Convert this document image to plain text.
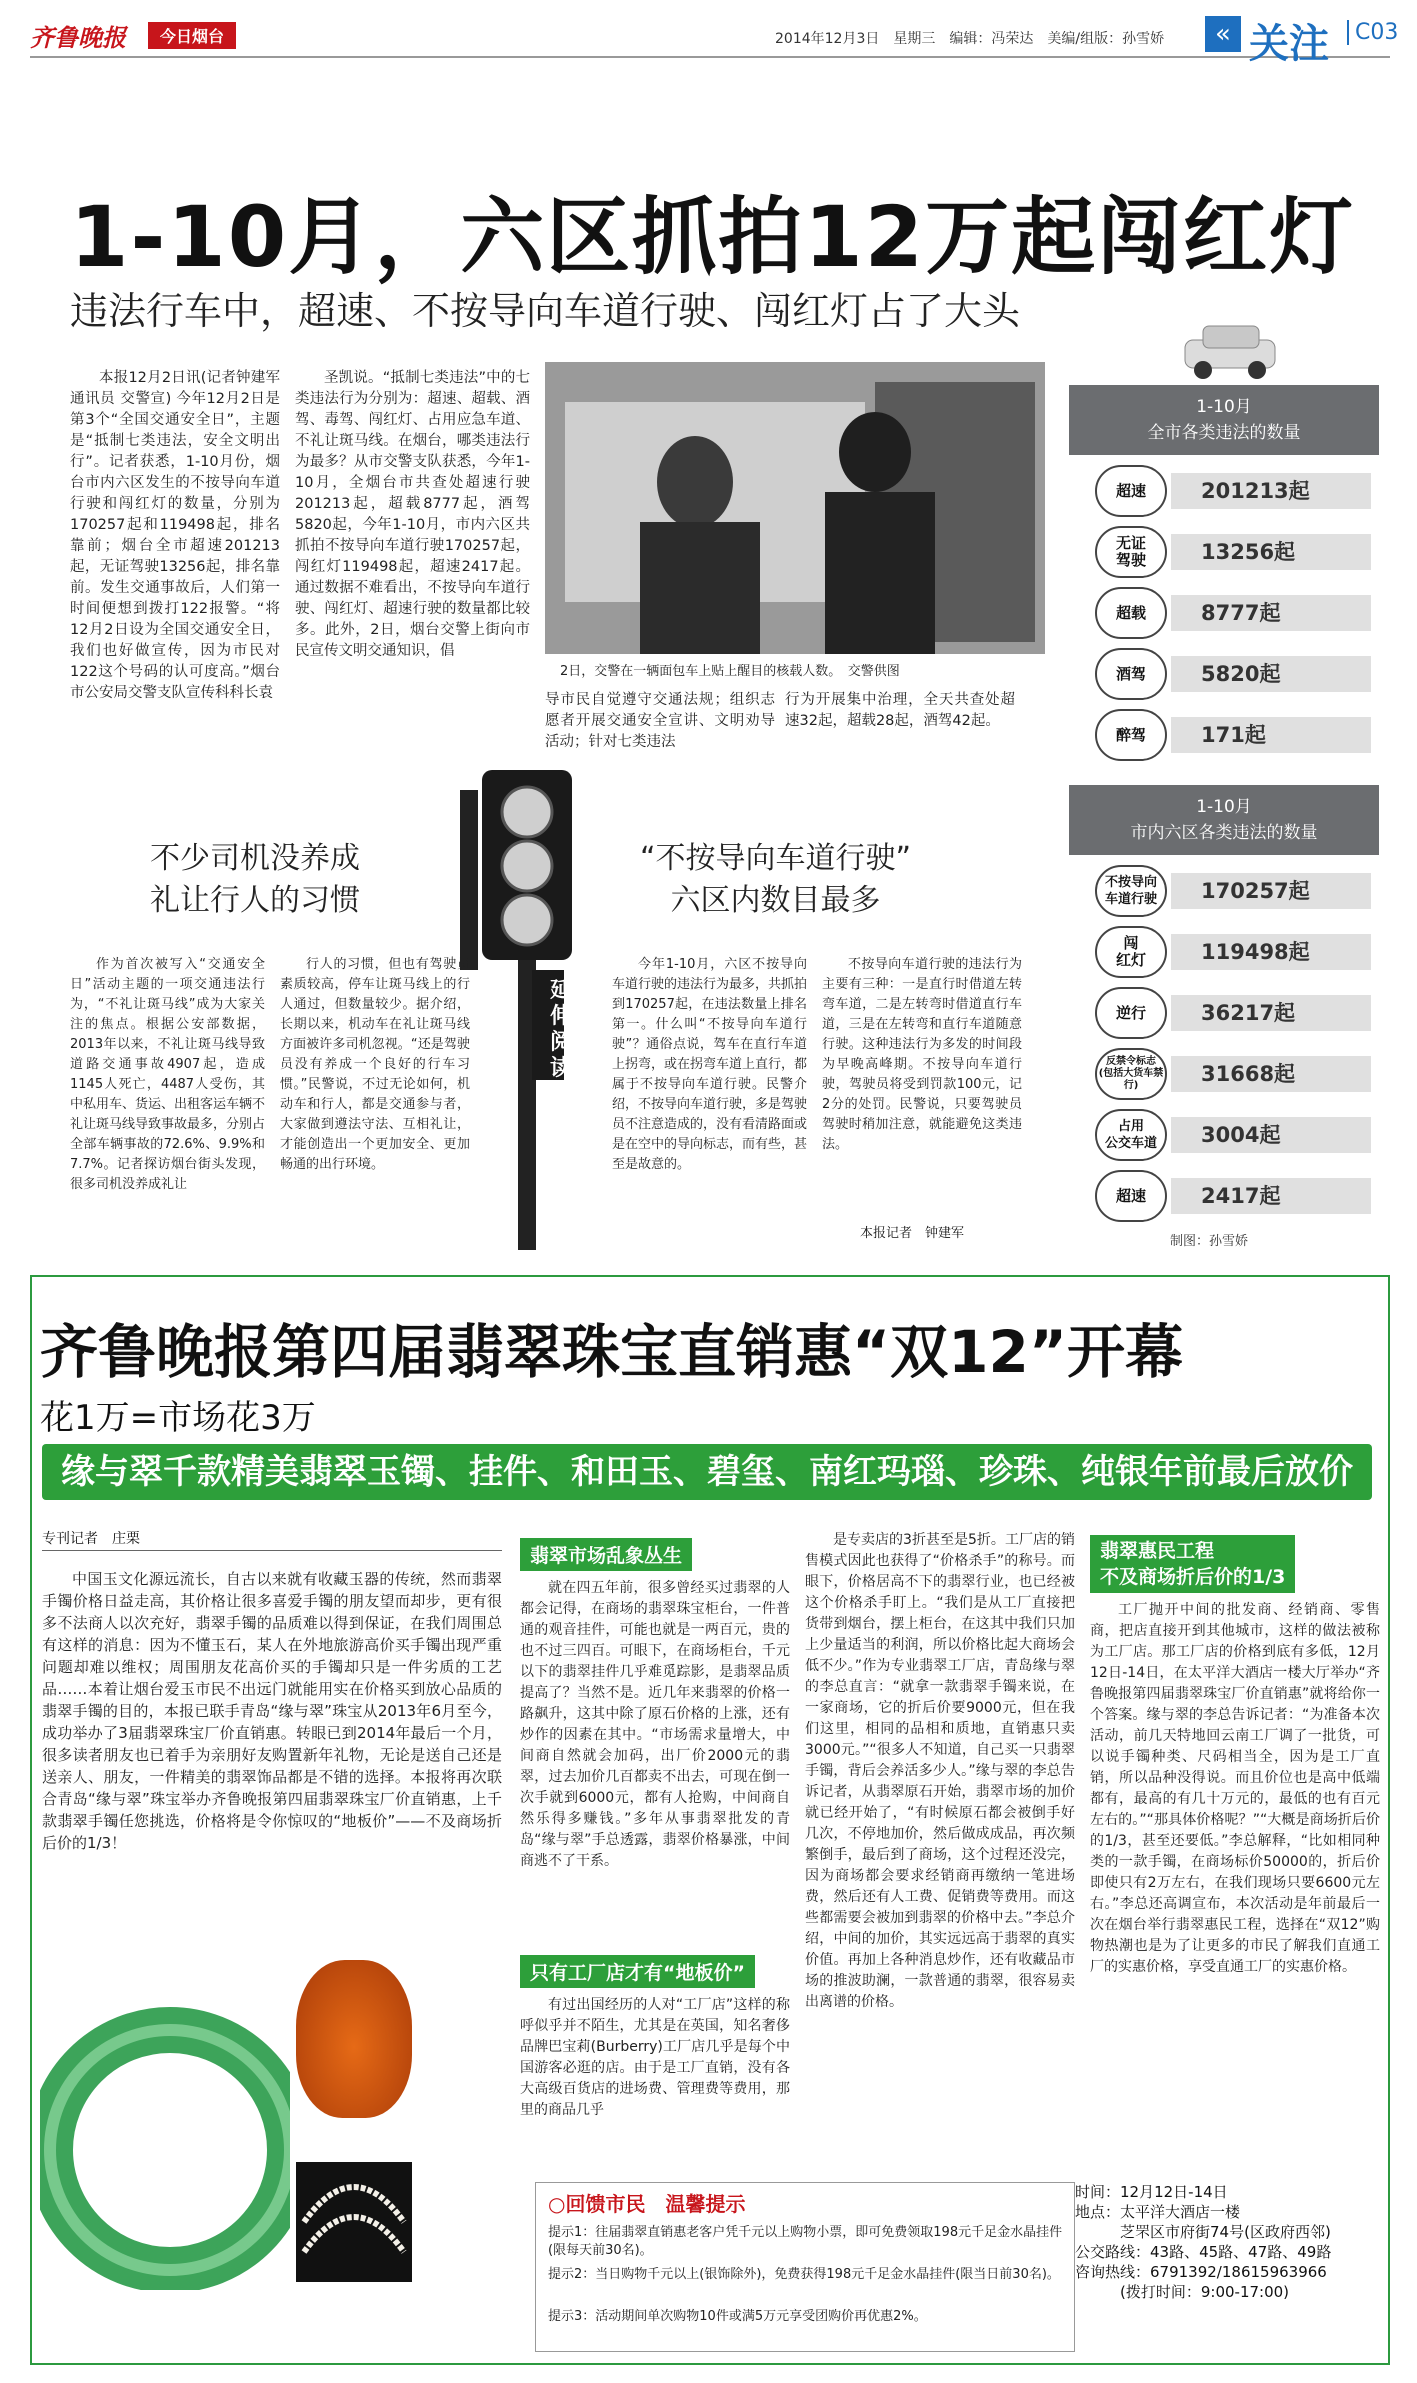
齐鲁晚报	今日烟台	2014年12月3日　星期三　编辑：冯荣达　美编/组版：孙雪娇	« 关注	C03
1-10月，六区抓拍12万起闯红灯
违法行车中，超速、不按导向车道行驶、闯红灯占了大头
本报12月2日讯(记者钟建军 通讯员 交警宣) 今年12月2日是第3个“全国交通安全日”，主题是“抵制七类违法，安全文明出行”。记者获悉，1-10月份，烟台市内六区发生的不按导向车道行驶和闯红灯的数量，分别为170257起和119498起，排名靠前；烟台全市超速201213起，无证驾驶13256起，排名靠前。发生交通事故后，人们第一时间便想到拨打122报警。“将12月2日设为全国交通安全日，我们也好做宣传，因为市民对122这个号码的认可度高。”烟台市公安局交警支队宣传科科长袁
圣凯说。“抵制七类违法”中的七类违法行为分别为：超速、超载、酒驾、毒驾、闯红灯、占用应急车道、不礼让斑马线。在烟台，哪类违法行为最多？从市交警支队获悉，今年1-10月，全烟台市共查处超速行驶201213起，超载8777起，酒驾5820起，今年1-10月，市内六区共抓拍不按导向车道行驶170257起，闯红灯119498起，超速2417起。通过数据不难看出，不按导向车道行驶、闯红灯、超速行驶的数量都比较多。此外，2日，烟台交警上街向市民宣传文明交通知识，倡
2日，交警在一辆面包车上贴上醒目的核载人数。　交警供图
导市民自觉遵守交通法规；组织志愿者开展交通安全宣讲、文明劝导活动；针对七类违法
行为开展集中治理，全天共查处超速32起，超载28起，酒驾42起。
延伸阅读
不少司机没养成
礼让行人的习惯
“不按导向车道行驶”
六区内数目最多
作为首次被写入“交通安全日”活动主题的一项交通违法行为，“不礼让斑马线”成为大家关注的焦点。根据公安部数据，2013年以来，不礼让斑马线导致道路交通事故4907起，造成1145人死亡，4487人受伤，其中私用车、货运、出租客运车辆不礼让斑马线导致事故最多，分别占全部车辆事故的72.6%、9.9%和7.7%。记者探访烟台街头发现，很多司机没养成礼让
行人的习惯，但也有驾驶员素质较高，停车让斑马线上的行人通过，但数量较少。据介绍，长期以来，机动车在礼让斑马线方面被许多司机忽视。“还是驾驶员没有养成一个良好的行车习惯。”民警说，不过无论如何，机动车和行人，都是交通参与者，大家做到遵法守法、互相礼让，才能创造出一个更加安全、更加畅通的出行环境。
今年1-10月，六区不按导向车道行驶的违法行为最多，共抓拍到170257起，在违法数量上排名第一。什么叫“不按导向车道行驶”？通俗点说，驾车在直行车道上拐弯，或在拐弯车道上直行，都属于不按导向车道行驶。民警介绍，不按导向车道行驶，多是驾驶员不注意造成的，没有看清路面或是在空中的导向标志，而有些，甚至是故意的。
不按导向车道行驶的违法行为主要有三种：一是直行时借道左转弯车道，二是左转弯时借道直行车道，三是在左转弯和直行车道随意行驶。这种违法行为多发的时间段为早晚高峰期。不按导向车道行驶，驾驶员将受到罚款100元，记2分的处罚。民警说，只要驾驶员驾驶时稍加注意，就能避免这类违法。
本报记者　钟建军
1-10月
全市各类违法的数量
超速	201213起
无证
驾驶	13256起
超载	8777起
酒驾	5820起
醉驾	171起
1-10月
市内六区各类违法的数量
不按导向
车道行驶	170257起
闯
红灯	119498起
逆行	36217起
反禁令标志
(包括大货车禁行)	31668起
占用
公交车道	3004起
超速	2417起
制图：孙雪娇
齐鲁晚报第四届翡翠珠宝直销惠“双12”开幕
花1万=市场花3万
缘与翠千款精美翡翠玉镯、挂件、和田玉、碧玺、南红玛瑙、珍珠、纯银年前最后放价
专刊记者　庄栗
中国玉文化源远流长，自古以来就有收藏玉器的传统，然而翡翠手镯价格日益走高，其价格让很多喜爱手镯的朋友望而却步，更有很多不法商人以次充好，翡翠手镯的品质难以得到保证，在我们周围总有这样的消息：因为不懂玉石，某人在外地旅游高价买手镯出现严重问题却难以维权；周围朋友花高价买的手镯却只是一件劣质的工艺品……本着让烟台爱玉市民不出远门就能用实在价格买到放心品质的翡翠手镯的目的，本报已联手青岛“缘与翠”珠宝从2013年6月至今，成功举办了3届翡翠珠宝厂价直销惠。转眼已到2014年最后一个月，很多读者朋友也已着手为亲朋好友购置新年礼物，无论是送自己还是送亲人、朋友，一件精美的翡翠饰品都是不错的选择。本报将再次联合青岛“缘与翠”珠宝举办齐鲁晚报第四届翡翠珠宝厂价直销惠，上千款翡翠手镯任您挑选，价格将是令你惊叹的“地板价”——不及商场折后价的1/3！
翡翠市场乱象丛生
就在四五年前，很多曾经买过翡翠的人都会记得，在商场的翡翠珠宝柜台，一件普通的观音挂件，可能也就是一两百元，贵的也不过三四百。可眼下，在商场柜台，千元以下的翡翠挂件几乎难觅踪影，是翡翠品质提高了？当然不是。近几年来翡翠的价格一路飙升，这其中除了原石价格的上涨，还有炒作的因素在其中。“市场需求量增大，中间商自然就会加码，出厂价2000元的翡翠，过去加价几百都卖不出去，可现在倒一次手就到6000元，都有人抢购，中间商自然乐得多赚钱。”多年从事翡翠批发的青岛“缘与翠”手总透露，翡翠价格暴涨，中间商逃不了干系。
只有工厂店才有“地板价”
有过出国经历的人对“工厂店”这样的称呼似乎并不陌生，尤其是在英国，知名奢侈品牌巴宝莉(Burberry)工厂店几乎是每个中国游客必逛的店。由于是工厂直销，没有各大高级百货店的进场费、管理费等费用，那里的商品几乎
是专卖店的3折甚至是5折。工厂店的销售模式因此也获得了“价格杀手”的称号。而眼下，价格居高不下的翡翠行业，也已经被这个价格杀手盯上。“我们是从工厂直接把货带到烟台，摆上柜台，在这其中我们只加上少量适当的利润，所以价格比起大商场会低不少。”作为专业翡翠工厂店，青岛缘与翠的李总直言：“就拿一款翡翠手镯来说，在一家商场，它的折后价要9000元，但在我们这里，相同的品相和质地，直销惠只卖3000元。”“很多人不知道，自己买一只翡翠手镯，背后会养活多少人。”缘与翠的李总告诉记者，从翡翠原石开始，翡翠市场的加价就已经开始了，“有时候原石都会被倒手好几次，不停地加价，然后做成成品，再次频繁倒手，最后到了商场，这个过程还没完，因为商场都会要求经销商再缴纳一笔进场费，然后还有人工费、促销费等费用。而这些都需要会被加到翡翠的价格中去。”李总介绍，中间的加价，其实远远高于翡翠的真实价值。再加上各种消息炒作，还有收藏品市场的推波助澜，一款普通的翡翠，很容易卖出离谱的价格。
翡翠惠民工程
不及商场折后价的1/3
工厂抛开中间的批发商、经销商、零售商，把店直接开到其他城市，这样的做法被称为工厂店。那工厂店的价格到底有多低，12月12日-14日，在太平洋大酒店一楼大厅举办“齐鲁晚报第四届翡翠珠宝厂价直销惠”就将给你一个答案。缘与翠的李总告诉记者：“为准备本次活动，前几天特地回云南工厂调了一批货，可以说手镯种类、尺码相当全，因为是工厂直销，所以品种没得说。而且价位也是高中低端都有，最高的有几十万元的，最低的也有百元左右的。”“那具体价格呢？”“大概是商场折后价的1/3，甚至还要低。”李总解释，“比如相同种类的一款手镯，在商场标价50000的，折后价即使只有2万左右，在我们现场只要6600元左右。”李总还高调宣布，本次活动是年前最后一次在烟台举行翡翠惠民工程，选择在“双12”购物热潮也是为了让更多的市民了解我们直通工厂的实惠价格，享受直通工厂的实惠价格。
○回馈市民　温馨提示
提示1：往届翡翠直销惠老客户凭千元以上购物小票，即可免费领取198元千足金水晶挂件(限每天前30名)。
提示2：当日购物千元以上(银饰除外)，免费获得198元千足金水晶挂件(限当日前30名)。
提示3：活动期间单次购物10件或满5万元享受团购价再优惠2%。
时间：12月12日-14日
地点：太平洋大酒店一楼
芝罘区市府街74号(区政府西邻)
公交路线：43路、45路、47路、49路
咨询热线：6791392/18615963966
(拨打时间：9:00-17:00)
